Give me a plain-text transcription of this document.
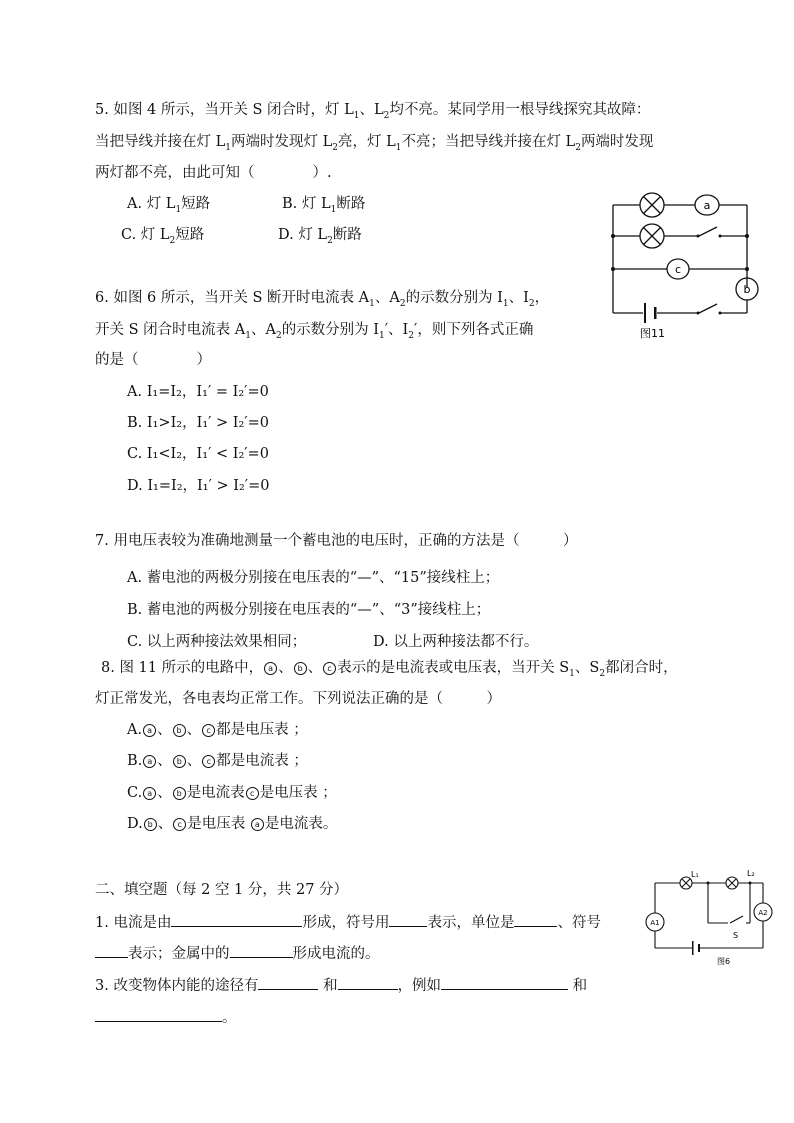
5. 如图 4 所示，当开关 S 闭合时，灯 $L_1$、$L_2$均不亮。某同学用一根导线探究其故障：
当把导线并接在灯 $L_1$两端时发现灯 $L_2$亮，灯 $L_1$不亮；当把导线并接在灯 $L_2$两端时发现
两灯都不亮，由此可知（　　　　）.
A. 灯 $L_1$短路	B. 灯 $L_1$断路
C. 灯 $L_2$短路	D. 灯 $L_2$断路
a
c
b
图11
6. 如图 6 所示，当开关 S 断开时电流表 $A_1$、$A_2$的示数分别为 $I_1$、$I_2$，
开关 S 闭合时电流表 $A_1$、$A_2$的示数分别为 $I_1'$、$I_2'$，则下列各式正确
的是（　　　　）
A. I₁=I₂，I₁′ = I₂′=0
B. I₁>I₂，I₁′ > I₂′=0
C. I₁<I₂，I₁′ < I₂′=0
D. I₁=I₂，I₁′ > I₂′=0
7. 用电压表较为准确地测量一个蓄电池的电压时，正确的方法是（　　　）
A. 蓄电池的两极分别接在电压表的“—”、“15”接线柱上；
B. 蓄电池的两极分别接在电压表的“—”、“3”接线柱上；
C. 以上两种接法效果相同；	D. 以上两种接法都不行。
8. 图 11 所示的电路中， a 、 b 、 c 表示的是电流表或电压表，当开关 $S_1$、$S_2$都闭合时，
灯正常发光，各电表均正常工作。下列说法正确的是（　　　）
A. a 、 b 、 c 都是电压表 ；
B. a 、 b 、 c 都是电流表 ；
C. a 、 b 是电流表 c 是电压表 ；
D. b 、 c 是电压表 a 是电流表。
二、填空题（每 2 空 1 分，共 27 分）
1. 电流是由	形成，符号用	表示，单位是	、符号
表示；金属中的	形成电流的。
3. 改变物体内能的途径有	和	，例如	和
。
L₁	L₂
A1
A2
S
图6
